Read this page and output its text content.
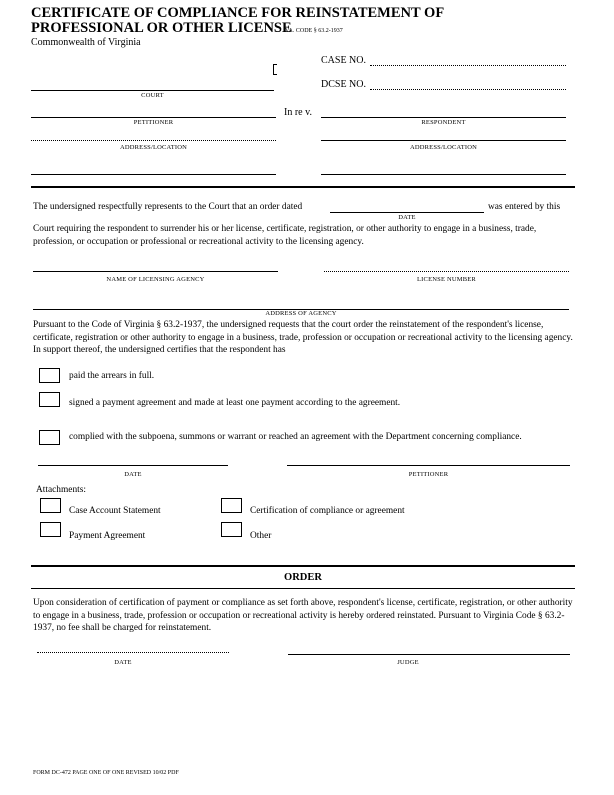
CERTIFICATE OF COMPLIANCE FOR REINSTATEMENT OF
PROFESSIONAL OR OTHER LICENSE
VA. CODE § 63.2-1937
Commonwealth of Virginia
CASE NO.
DCSE NO.
COURT
In re v.
PETITIONER	RESPONDENT
ADDRESS/LOCATION	ADDRESS/LOCATION
The undersigned respectfully represents to the Court that an order dated	was entered by this
DATE
Court requiring the respondent to surrender his or her license, certificate, registration, or other authority to engage in a business, trade, profession, or occupation or professional or recreational activity to the licensing agency.
NAME OF LICENSING AGENCY	LICENSE NUMBER
ADDRESS OF AGENCY
Pursuant to the Code of Virginia § 63.2-1937, the undersigned requests that the court order the reinstatement of the respondent's license, certificate, registration or other authority to engage in a business, trade, profession or occupation or recreational activity to the licensing agency. In support thereof, the undersigned certifies that the respondent has
paid the arrears in full.
signed a payment agreement and made at least one payment according to the agreement.
complied with the subpoena, summons or warrant or reached an agreement with the Department concerning compliance.
DATE	PETITIONER
Attachments:
Case Account Statement	Certification of compliance or agreement
Payment Agreement	Other
ORDER
Upon consideration of certification of payment or compliance as set forth above, respondent's license, certificate, registration, or other authority to engage in a business, trade, profession or occupation or recreational activity is hereby ordered reinstated. Pursuant to Virginia Code § 63.2-1937, no fee shall be charged for reinstatement.
DATE	JUDGE
FORM DC-472 PAGE ONE OF ONE REVISED 10/02 PDF
